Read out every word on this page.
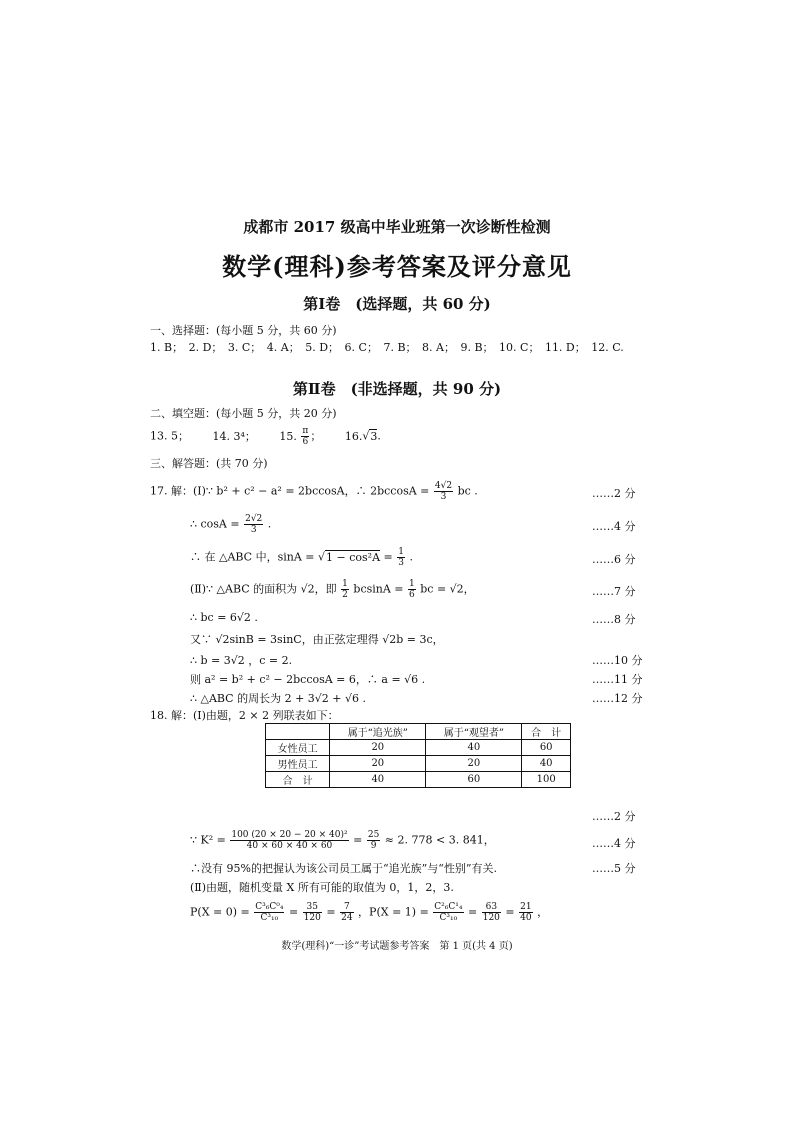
成都市 2017 级高中毕业班第一次诊断性检测
数学(理科)参考答案及评分意见
第Ⅰ卷　(选择题，共 60 分)
一、选择题：(每小题 5 分，共 60 分)
1. B；　2. D；　3. C；　4. A；　5. D；　6. C；　7. B；　8. A；　9. B；　10. C；　11. D；　12. C.
第Ⅱ卷　(非选择题，共 90 分)
二、填空题：(每小题 5 分，共 20 分)
13. 5； 14. 3⁴； 15. $\frac{\pi}{6}$ ； 16.√3.
三、解答题：(共 70 分)
17. 解：(Ⅰ)∵ b² + c² − a² = 2bccosA，∴ $2bccosA = \frac{4√2}{3}$ bc .	……2 分
∴ $\cos A = \frac{2√2}{3}$ .	……4 分
∴ 在 △ABC 中，$\sin A = √1 - \cos^2A = \frac{1}{3}$ .	……6 分
(Ⅱ)∵ △ABC 的面积为 √2，即 $\frac{1}{2}$ $bcsinA = \frac{1}{6}$ bc = √2，	……7 分
∴ bc = 6√2 .	……8 分
又∵ √2sinB = 3sinC，由正弦定理得 √2b = 3c，
∴ b = 3√2 ，c = 2.	……10 分
则 a² = b² + c² − 2bccosA = 6，∴ a = √6 .	……11 分
∴ △ABC 的周长为 2 + 3√2 + √6 .	……12 分
18. 解：(Ⅰ)由题，2 × 2 列联表如下：
	属于“追光族”	属于“观望者”	合　计
女性员工	20	40	60
男性员工	20	20	40
合　计	40	60	100
……2 分
∵ $K^2 = \frac{\text{100 (20 × 20 − 20 × 40)²}}{40 \times 60 \times 40 \times 60} = \frac{25}{9} \approx 2$. 778 < 3. 841，	……4 分
∴没有 95%的把握认为该公司员工属于“追光族”与“性别”有关.	……5 分
(Ⅱ)由题，随机变量 X 所有可能的取值为 0，1，2，3.
$P(X = 0) = \frac{\text{C³₆C⁰₄}}{\text{C³₁₀}} = \frac{35}{120} = \frac{7}{24}$ ，$P(X = 1) = \frac{\text{C²₆C¹₄}}{\text{C³₁₀}} = \frac{63}{120} = \frac{21}{40}$ ，
数学(理科)“一诊”考试题参考答案　第 1 页(共 4 页)
